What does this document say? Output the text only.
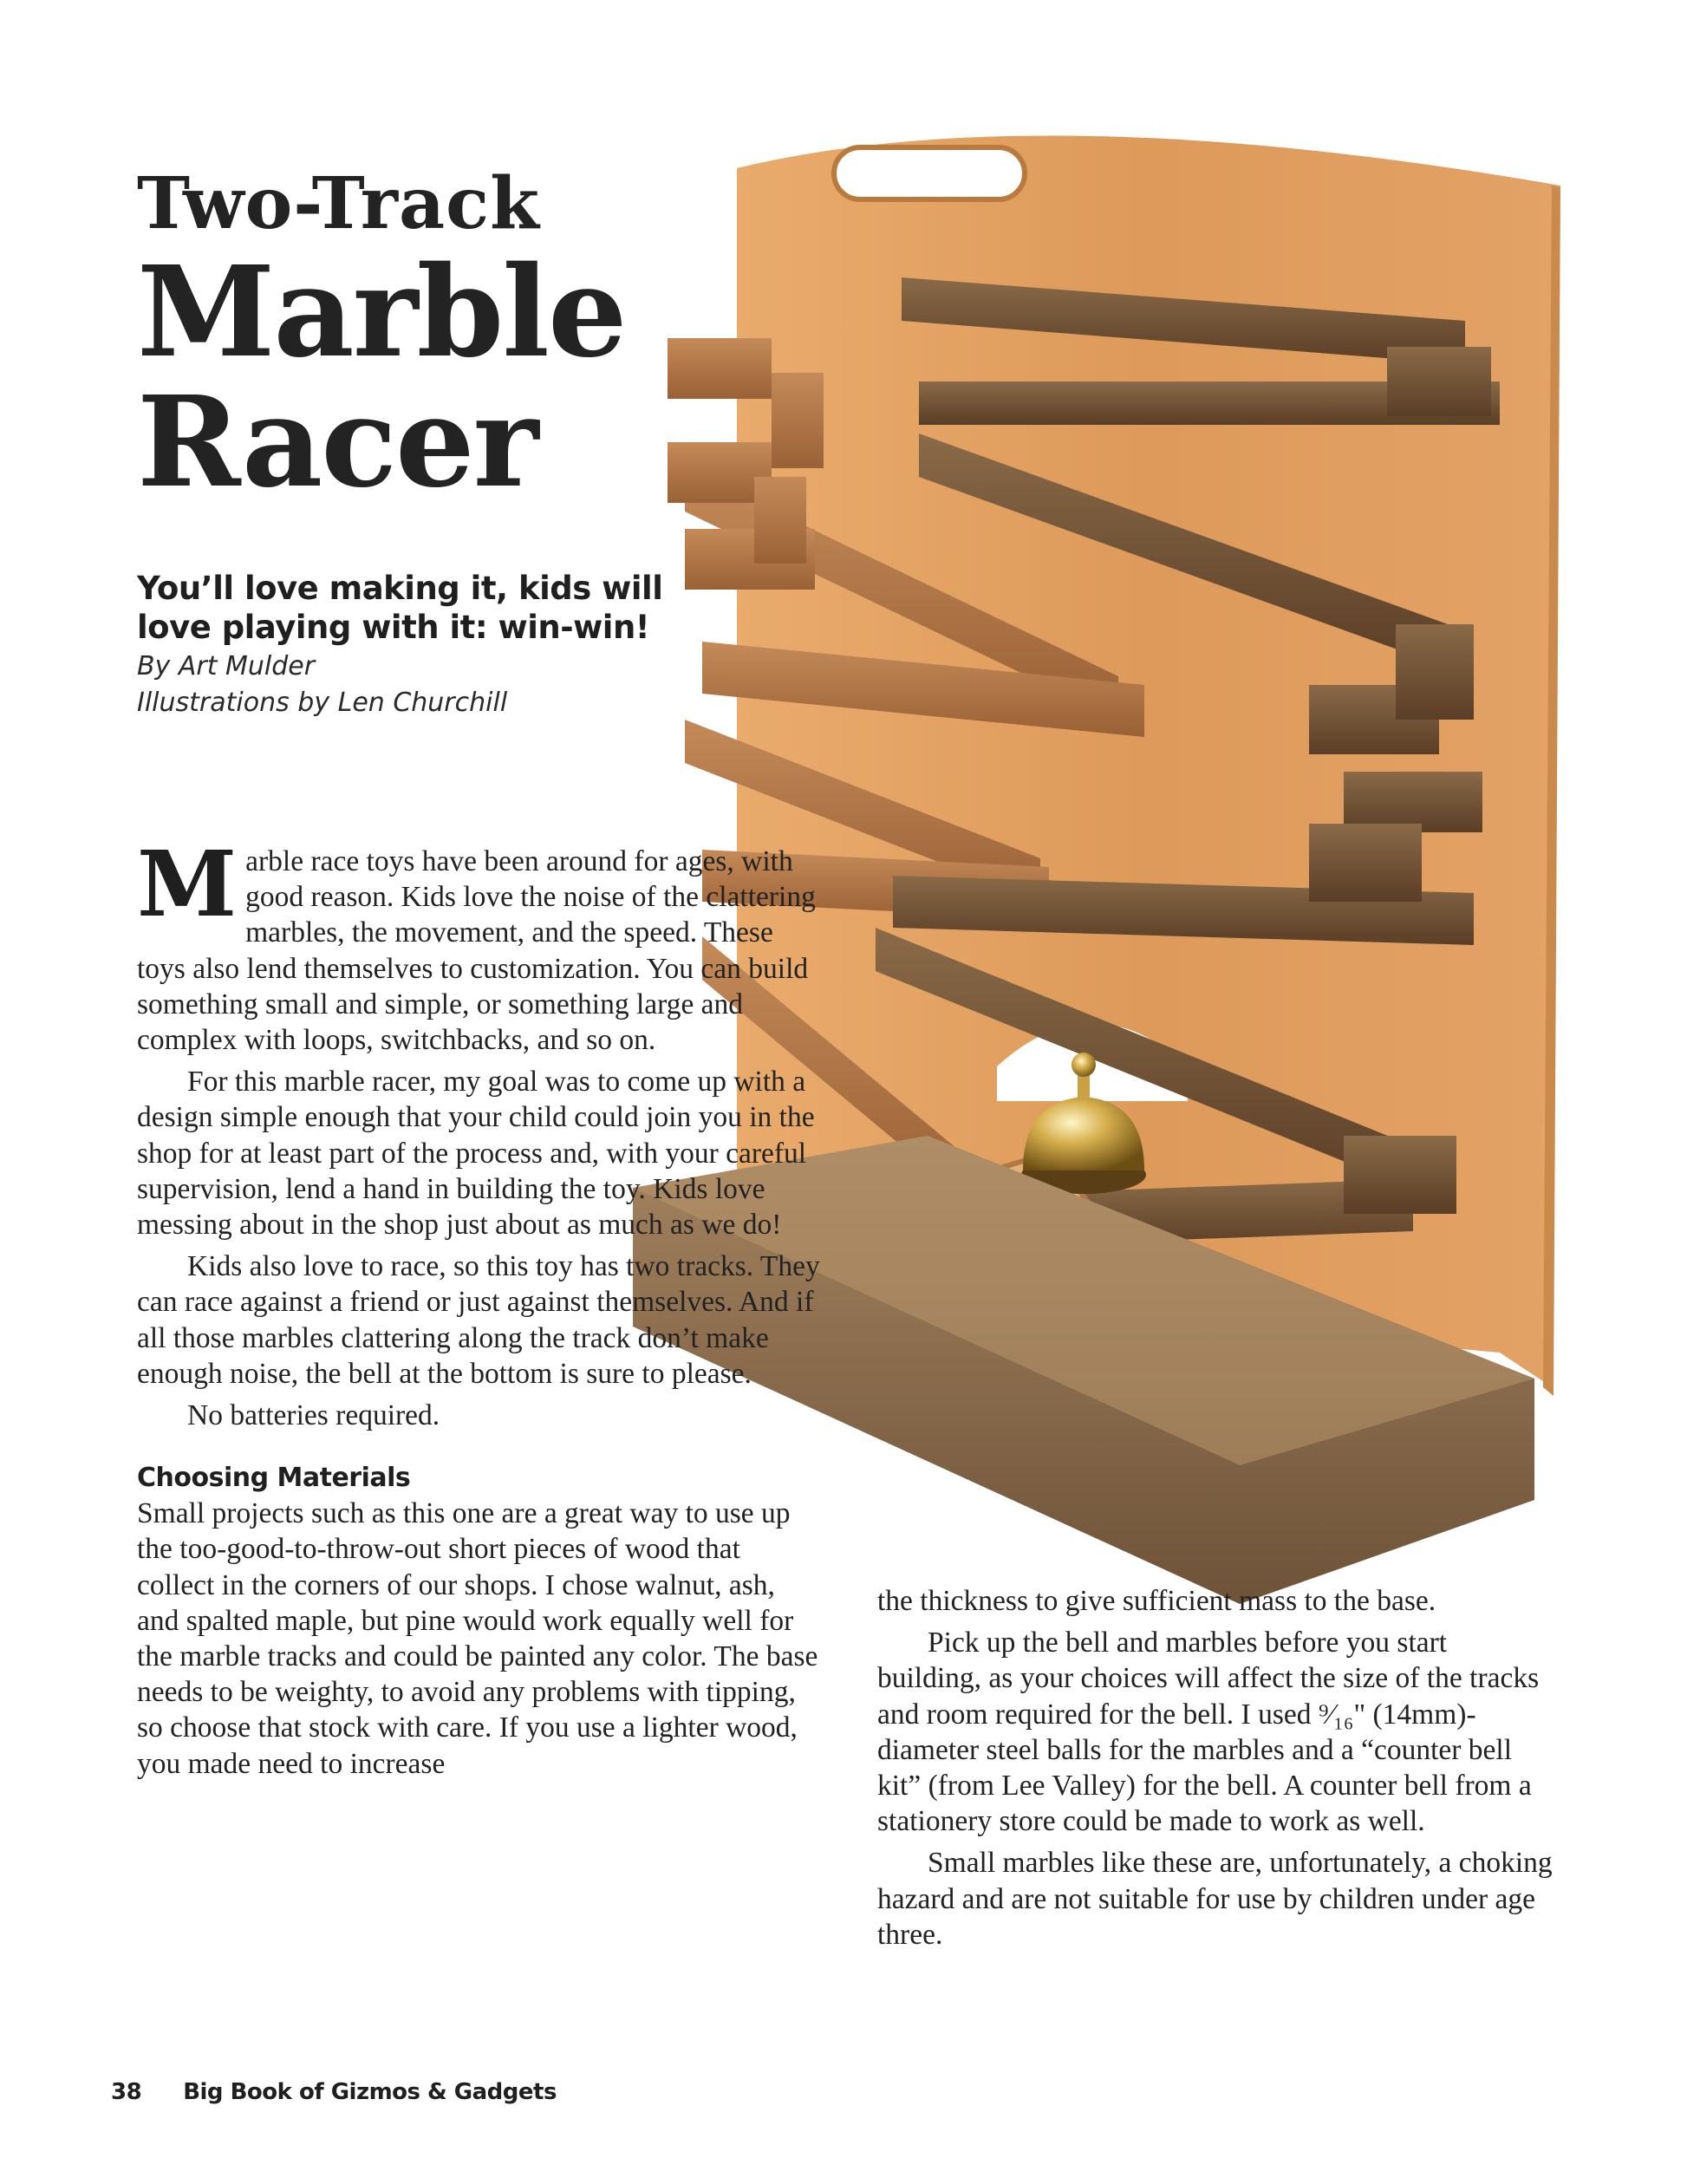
Two-Track
Marble
Racer
You’ll love making it, kids will love playing with it: win-win!
By Art Mulder
Illustrations by Len Churchill

Marble race toys have been around for ages, with good reason. Kids love the noise of the clattering marbles, the movement, and the speed. These toys also lend themselves to customization. You can build something small and simple, or something large and complex with loops, switchbacks, and so on.

For this marble racer, my goal was to come up with a design simple enough that your child could join you in the shop for at least part of the process and, with your careful supervision, lend a hand in building the toy. Kids love messing about in the shop just about as much as we do!

Kids also love to race, so this toy has two tracks. They can race against a friend or just against themselves. And if all those marbles clattering along the track don’t make enough noise, the bell at the bottom is sure to please.

No batteries required.

Choosing Materials

Small projects such as this one are a great way to use up the too-good-to-throw-out short pieces of wood that collect in the corners of our shops. I chose walnut, ash, and spalted maple, but pine would work equally well for the marble tracks and could be painted any color. The base needs to be weighty, to avoid any problems with tipping, so choose that stock with care. If you use a lighter wood, you made need to increase

the thickness to give sufficient mass to the base.

Pick up the bell and marbles before you start building, as your choices will affect the size of the tracks and room required for the bell. I used ⁹⁄₁₆" (14mm)-diameter steel balls for the marbles and a “counter bell kit” (from Lee Valley) for the bell. A counter bell from a stationery store could be made to work as well.

Small marbles like these are, unfortunately, a choking hazard and are not suitable for use by children under age three.

38 Big Book of Gizmos & Gadgets
